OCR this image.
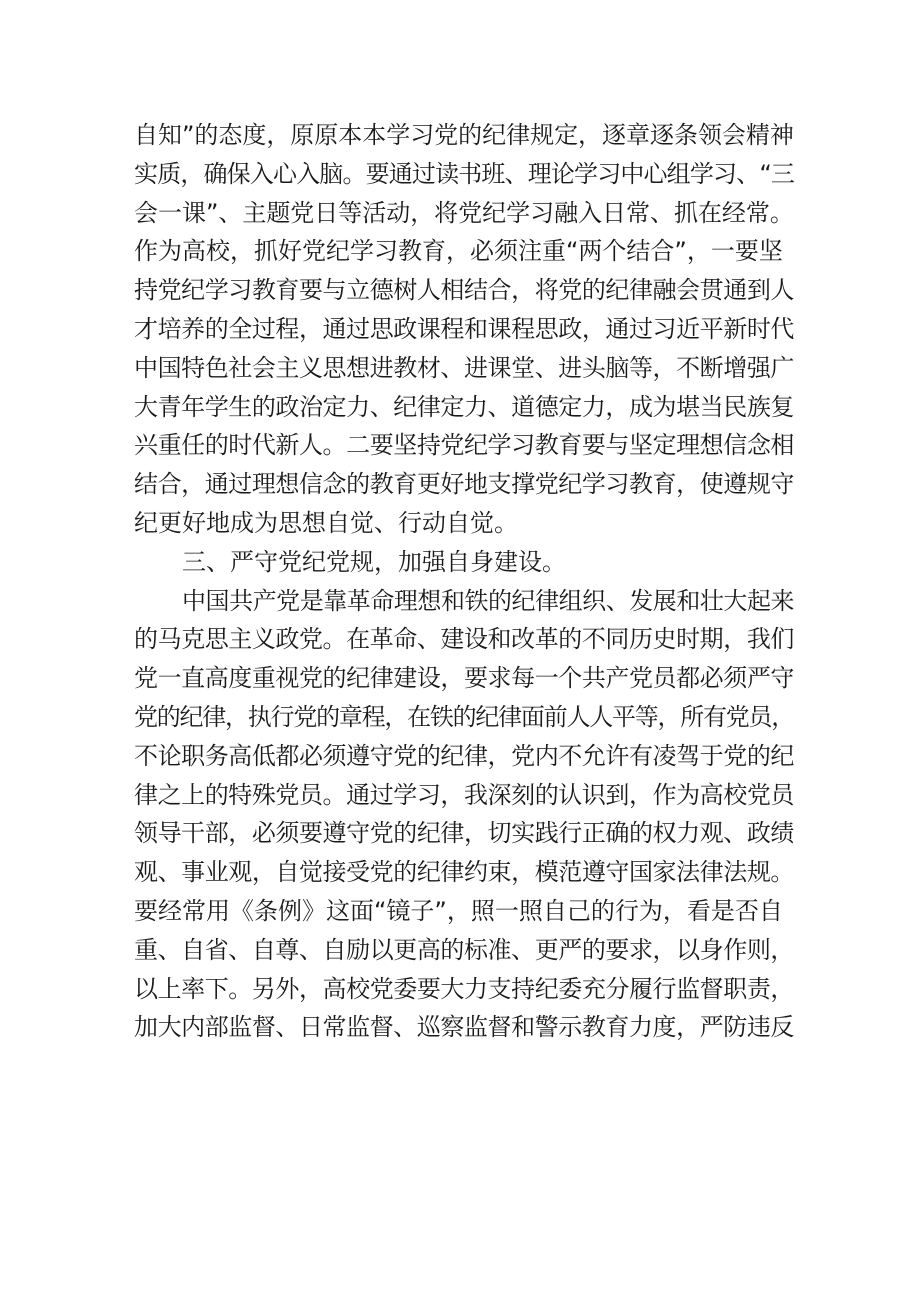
自知”的态度，原原本本学习党的纪律规定，逐章逐条领会精神
实质，确保入心入脑。要通过读书班、理论学习中心组学习、“三
会一课”、主题党日等活动，将党纪学习融入日常、抓在经常。
作为高校，抓好党纪学习教育，必须注重“两个结合”，一要坚
持党纪学习教育要与立德树人相结合，将党的纪律融会贯通到人
才培养的全过程，通过思政课程和课程思政，通过习近平新时代
中国特色社会主义思想进教材、进课堂、进头脑等，不断增强广
大青年学生的政治定力、纪律定力、道德定力，成为堪当民族复
兴重任的时代新人。二要坚持党纪学习教育要与坚定理想信念相
结合，通过理想信念的教育更好地支撑党纪学习教育，使遵规守
纪更好地成为思想自觉、行动自觉。
三、严守党纪党规，加强自身建设。
中国共产党是靠革命理想和铁的纪律组织、发展和壮大起来
的马克思主义政党。在革命、建设和改革的不同历史时期，我们
党一直高度重视党的纪律建设，要求每一个共产党员都必须严守
党的纪律，执行党的章程，在铁的纪律面前人人平等，所有党员，
不论职务高低都必须遵守党的纪律，党内不允许有凌驾于党的纪
律之上的特殊党员。通过学习，我深刻的认识到，作为高校党员
领导干部，必须要遵守党的纪律，切实践行正确的权力观、政绩
观、事业观，自觉接受党的纪律约束，模范遵守国家法律法规。
要经常用《条例》这面“镜子”，照一照自己的行为，看是否自
重、自省、自尊、自励以更高的标准、更严的要求，以身作则，
以上率下。另外，高校党委要大力支持纪委充分履行监督职责，
加大内部监督、日常监督、巡察监督和警示教育力度，严防违反
